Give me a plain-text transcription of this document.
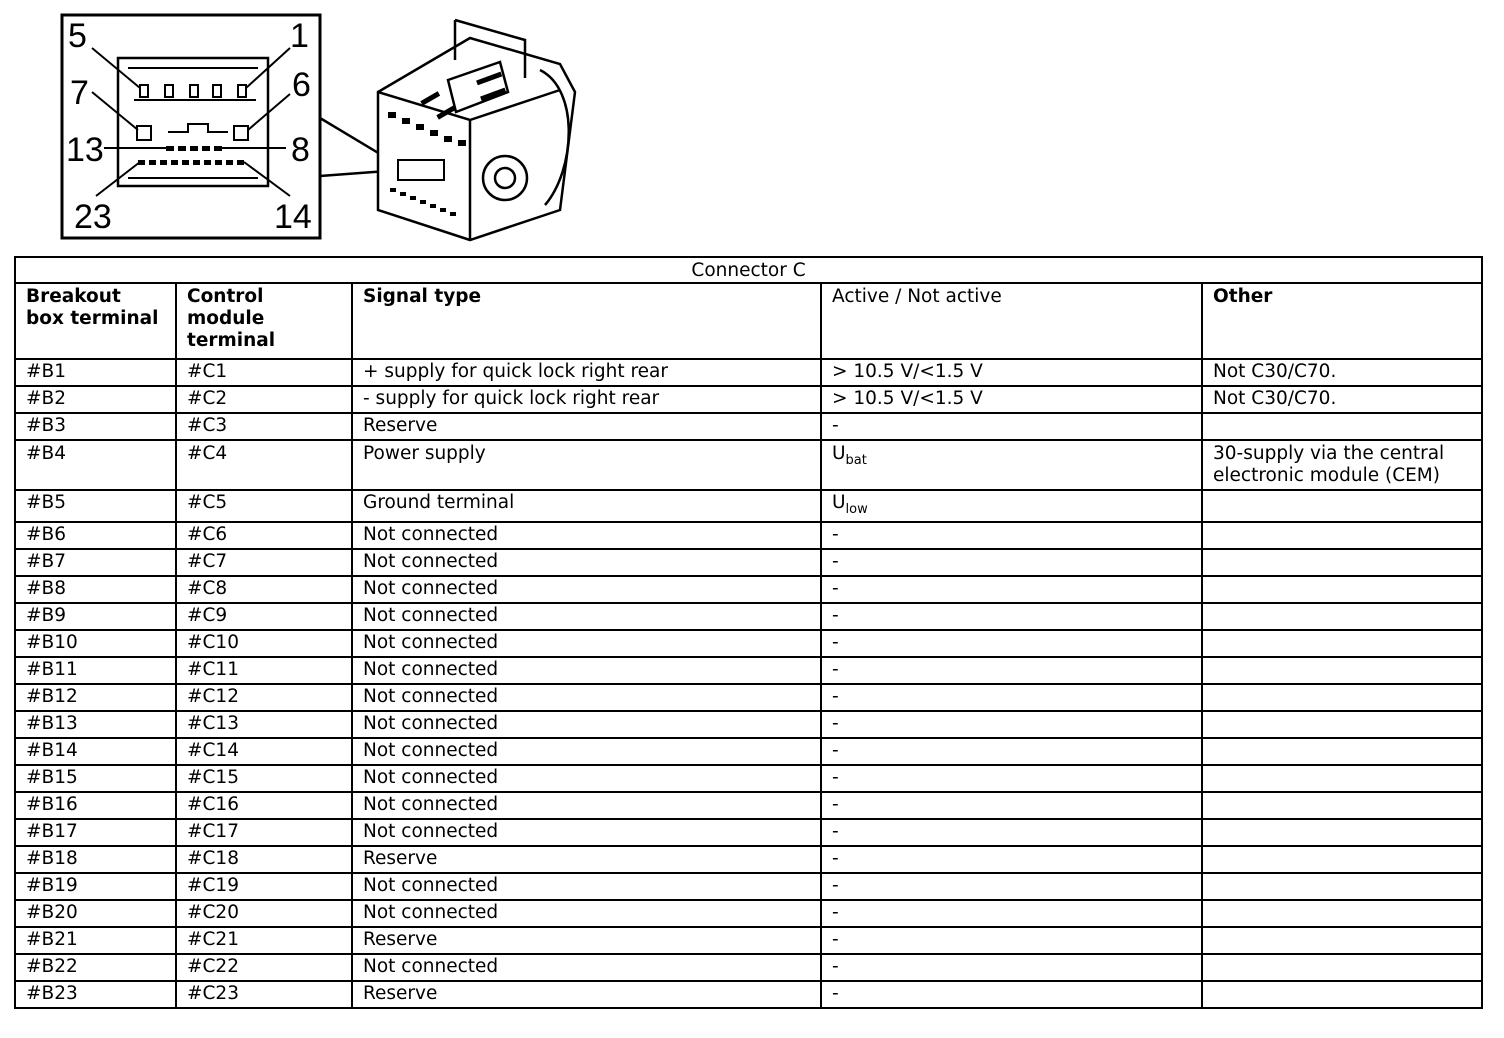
5	1
7	6
13	8
23	14
Connector C				
Breakout box terminal	Control module terminal	Signal type	Active / Not active	Other
#B1	#C1	+ supply for quick lock right rear	> 10.5 V/<1.5 V	Not C30/C70.
#B2	#C2	- supply for quick lock right rear	> 10.5 V/<1.5 V	Not C30/C70.
#B3	#C3	Reserve	-	
#B4	#C4	Power supply	$U_{bat}$	30-supply via the central electronic module (CEM)
#B5	#C5	Ground terminal	$U_{low}$	
#B6	#C6	Not connected	-	
#B7	#C7	Not connected	-	
#B8	#C8	Not connected	-	
#B9	#C9	Not connected	-	
#B10	#C10	Not connected	-	
#B11	#C11	Not connected	-	
#B12	#C12	Not connected	-	
#B13	#C13	Not connected	-	
#B14	#C14	Not connected	-	
#B15	#C15	Not connected	-	
#B16	#C16	Not connected	-	
#B17	#C17	Not connected	-	
#B18	#C18	Reserve	-	
#B19	#C19	Not connected	-	
#B20	#C20	Not connected	-	
#B21	#C21	Reserve	-	
#B22	#C22	Not connected	-	
#B23	#C23	Reserve	-	
